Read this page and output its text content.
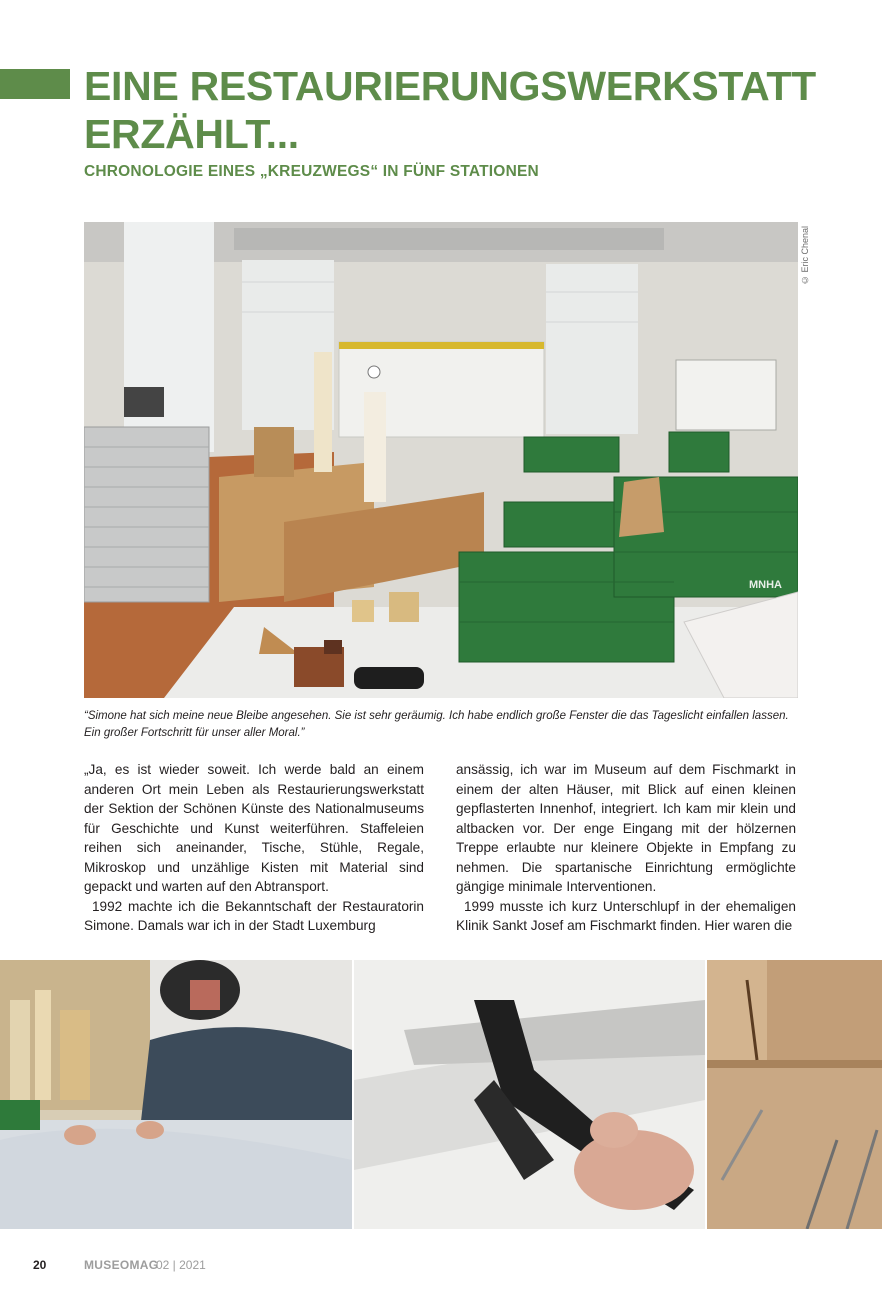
EINE RESTAURIERUNGSWERKSTATT ERZÄHLT...
CHRONOLOGIE EINES „KREUZWEGS“ IN FÜNF STATIONEN
MNHA
© Eric Chenal

“Simone hat sich meine neue Bleibe angesehen. Sie ist sehr geräumig. Ich habe endlich große Fenster die das Tageslicht einfallen lassen. Ein großer Fortschritt für unser aller Moral.”

„Ja, es ist wieder soweit. Ich werde bald an einem anderen Ort mein Leben als Restaurierungswerkstatt der Sektion der Schönen Künste des Nationalmuseums für Geschichte und Kunst weiterführen. Staffeleien reihen sich aneinander, Tische, Stühle, Regale, Mikroskop und unzählige Kisten mit Material sind gepackt und warten auf den Abtransport.

1992 machte ich die Bekanntschaft der Restauratorin Simone. Damals war ich in der Stadt Luxemburg

ansässig, ich war im Museum auf dem Fischmarkt in einem der alten Häuser, mit Blick auf einen kleinen gepflasterten Innenhof, integriert. Ich kam mir klein und altbacken vor. Der enge Eingang mit der hölzernen Treppe erlaubte nur kleinere Objekte in Empfang zu nehmen. Die spartanische Einrichtung ermöglichte gängige minimale Interventionen.

1999 musste ich kurz Unterschlupf in der ehemaligen Klinik Sankt Josef am Fischmarkt finden. Hier waren die

20	MUSEOMAG
02 | 2021
